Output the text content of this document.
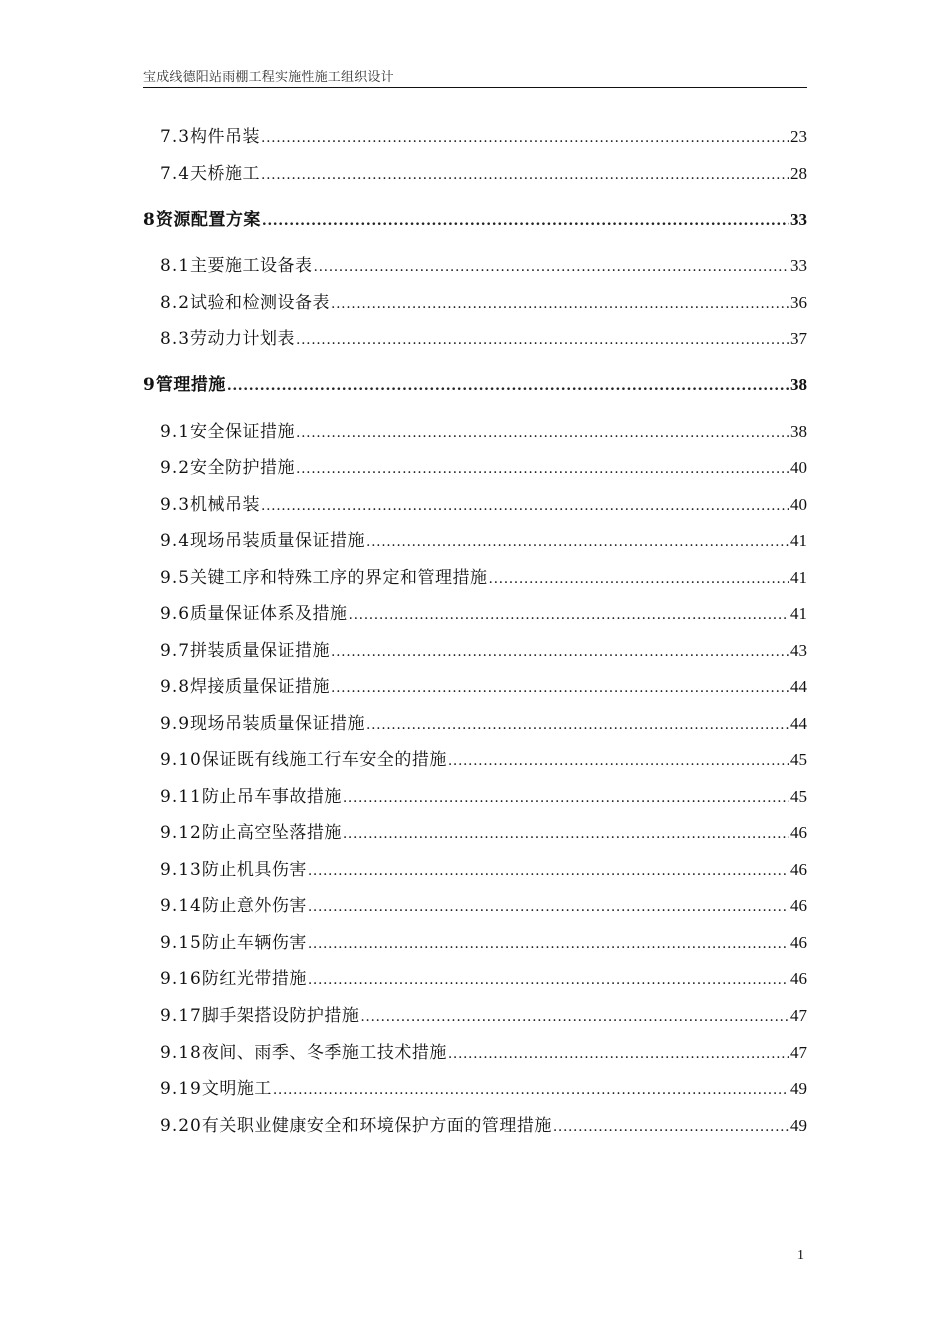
宝成线德阳站雨棚工程实施性施工组织设计
7.3 构件吊装 .....	23
7.4 天桥施工 .....	28
8 资源配置方案 .....	33
8.1 主要施工设备表 .....	33
8.2 试验和检测设备表 .....	36
8.3 劳动力计划表 .....	37
9 管理措施 .....	38
9.1 安全保证措施 .....	38
9.2 安全防护措施 .....	40
9.3 机械吊装 .....	40
9.4 现场吊装质量保证措施 .....	41
9.5 关键工序和特殊工序的界定和管理措施 .....	41
9.6 质量保证体系及措施 .....	41
9.7 拼装质量保证措施 .....	43
9.8 焊接质量保证措施 .....	44
9.9 现场吊装质量保证措施 .....	44
9.10 保证既有线施工行车安全的措施 .....	45
9.11 防止吊车事故措施 .....	45
9.12 防止高空坠落措施 .....	46
9.13 防止机具伤害 .....	46
9.14 防止意外伤害 .....	46
9.15 防止车辆伤害 .....	46
9.16 防红光带措施 .....	46
9.17 脚手架搭设防护措施 .....	47
9.18 夜间、雨季、冬季施工技术措施 .....	47
9.19 文明施工 .....	49
9.20 有关职业健康安全和环境保护方面的管理措施 .....	49
1
